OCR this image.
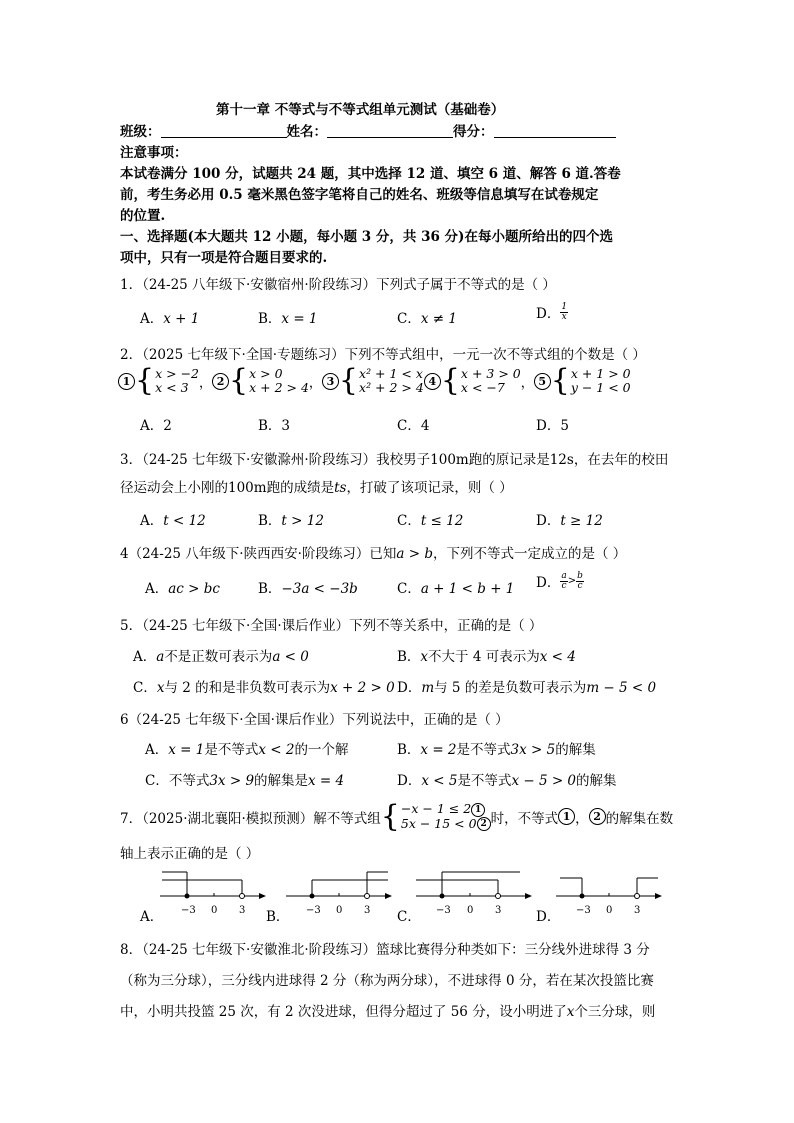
第十一章 不等式与不等式组单元测试（基础卷）
班级：	姓名：	得分：
注意事项：
本试卷满分 100 分，试题共 24 题，其中选择 12 道、填空 6 道、解答 6 道.答卷
前，考生务必用 0.5 毫米黑色签字笔将自己的姓名、班级等信息填写在试卷规定
的位置.
一、选择题(本大题共 12 小题，每小题 3 分，共 36 分)在每小题所给出的四个选
项中，只有一项是符合题目要求的.
1．（24-25 八年级下·安徽宿州·阶段练习）下列式子属于不等式的是（ ）
A．x + 1	B．x = 1	C．x ≠ 1	D． $\frac{1}{x}$
2．（2025 七年级下·全国·专题练习）下列不等式组中，一元一次不等式组的个数是（ ）
1 { x > −2
x < 3 ， 2 { x > 0
x + 2 > 4 ， 3 { x² + 1 < x
x² + 2 > 4 4 { x + 3 > 0
x < −7	， 5 { x + 1 > 0
y − 1 < 0
A．2	B．3	C．4	D．5
3．（24-25 七年级下·安徽滁州·阶段练习）我校男子100m跑的原记录是12s，在去年的校田
径运动会上小刚的100m跑的成绩是ts，打破了该项记录，则（ ）
A．t < 12	B．t > 12	C．t ≤ 12	D．t ≥ 12
4（24-25 八年级下·陕西西安·阶段练习）已知a > b，下列不等式一定成立的是（ ）
A．ac > bc	B．−3a < −3b	C．a + 1 < b + 1 D． $\frac{a}{c} > \frac{b}{c}$
5．（24-25 七年级下·全国·课后作业）下列不等关系中，正确的是（ ）
A．a不是正数可表示为a < 0	B．x不大于 4 可表示为x < 4
C．x与 2 的和是非负数可表示为x + 2 > 0 D．m与 5 的差是负数可表示为m − 5 < 0
6（24-25 七年级下·全国·课后作业）下列说法中，正确的是（ ）
A．x = 1是不等式x < 2的一个解	B．x = 2是不等式3x > 5的解集
C．不等式3x > 9的解集是x = 4	D．x < 5是不等式x − 5 > 0的解集
7．（2025·湖北襄阳·模拟预测）解不等式组 { −x − 1 ≤ 2 1
5x − 15 < 0 2 时，不等式 1 ， 2 的解集在数
轴上表示正确的是（ ）
A．	B．	C．	D．
−3 0 3	−3 0 3	−3 0 3	−3 0 3
8．（24-25 七年级下·安徽淮北·阶段练习）篮球比赛得分种类如下：三分线外进球得 3 分
（称为三分球），三分线内进球得 2 分（称为两分球），不进球得 0 分，若在某次投篮比赛
中，小明共投篮 25 次，有 2 次没进球，但得分超过了 56 分，设小明进了x个三分球，则
